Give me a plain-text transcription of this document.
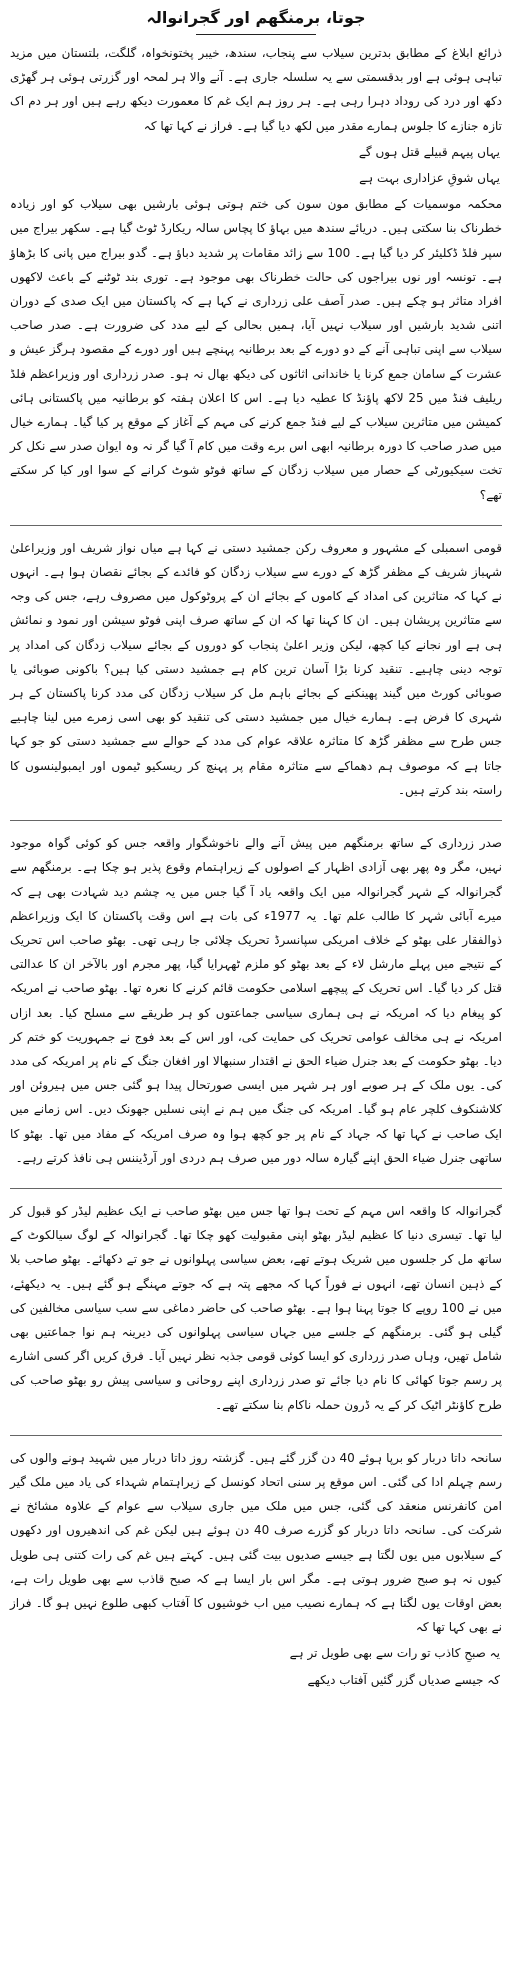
جوتا، برمنگھم اور گجرانوالہ

ذرائع ابلاغ کے مطابق بدترین سیلاب سے پنجاب، سندھ، خیبر پختونخواہ، گلگت، بلتستان میں مزید تباہی ہوئی ہے اور بدقسمتی سے یہ سلسلہ جاری ہے۔ آنے والا ہر لمحہ اور گزرتی ہوئی ہر گھڑی دکھ اور درد کی روداد دہرا رہی ہے۔ ہر روز ہم ایک غم کا معمورت دیکھ رہے ہیں اور ہر دم اک تازہ جنازے کا جلوس ہمارے مقدر میں لکھ دیا گیا ہے۔ فراز نے کہا تھا کہ

یہاں پیہم قبیلے قتل ہوں گے

یہاں شوقِ عزاداری بہت ہے

محکمہ موسمیات کے مطابق مون سون کی ختم ہوتی ہوئی بارشیں بھی سیلاب کو اور زیادہ خطرناک بنا سکتی ہیں۔ دریائے سندھ میں بہاؤ کا پچاس سالہ ریکارڈ ٹوٹ گیا ہے۔ سکھر بیراج میں سپر فلڈ ڈکلیئر کر دیا گیا ہے۔ 100 سے زائد مقامات پر شدید دباؤ ہے۔ گدو بیراج میں پانی کا بڑھاؤ ہے۔ تونسہ اور نوں بیراجوں کی حالت خطرناک بھی موجود ہے۔ توری بند ٹوٹنے کے باعث لاکھوں افراد متاثر ہو چکے ہیں۔ صدر آصف علی زرداری نے کہا ہے کہ پاکستان میں ایک صدی کے دوران اتنی شدید بارشیں اور سیلاب نہیں آیا، ہمیں بحالی کے لیے مدد کی ضرورت ہے۔ صدر صاحب سیلاب سے اپنی تباہی آنے کے دو دورے کے بعد برطانیہ پہنچے ہیں اور دورے کے مقصود ہرگز عیش و عشرت کے سامان جمع کرنا یا خاندانی اثاثوں کی دیکھ بھال نہ ہو۔ صدر زرداری اور وزیراعظم فلڈ ریلیف فنڈ میں 25 لاکھ پاؤنڈ کا عطیہ دیا ہے۔ اس کا اعلان ہفتہ کو برطانیہ میں پاکستانی ہائی کمیشن میں متاثرین سیلاب کے لیے فنڈ جمع کرنے کی مہم کے آغاز کے موقع پر کیا گیا۔ ہمارے خیال میں صدر صاحب کا دورہ برطانیہ ابھی اس برے وقت میں کام آ گیا گر نہ وہ ایوان صدر سے نکل کر تخت سیکیورٹی کے حصار میں سیلاب زدگان کے ساتھ فوٹو شوٹ کرانے کے سوا اور کیا کر سکتے تھے؟

قومی اسمبلی کے مشہور و معروف رکن جمشید دستی نے کہا ہے میاں نواز شریف اور وزیراعلیٰ شہباز شریف کے مظفر گڑھ کے دورے سے سیلاب زدگان کو فائدے کے بجائے نقصان ہوا ہے۔ انہوں نے کہا کہ متاثرین کی امداد کے کاموں کے بجائے ان کے پروٹوکول میں مصروف رہے، جس کی وجہ سے متاثرین پریشان ہیں۔ ان کا کہنا تھا کہ ان کے ساتھ صرف اپنی فوٹو سیشن اور نمود و نمائش ہی ہے اور نجانے کیا کچھ، لیکن وزیر اعلیٰ پنجاب کو دوروں کے بجائے سیلاب زدگان کی امداد پر توجہ دینی چاہیے۔ تنقید کرنا بڑا آسان ترین کام ہے جمشید دستی کیا ہیں؟ باکونی صوبائی یا صوبائی کورٹ میں گیند پھینکنے کے بجائے باہم مل کر سیلاب زدگان کی مدد کرنا پاکستان کے ہر شہری کا فرض ہے۔ ہمارے خیال میں جمشید دستی کی تنقید کو بھی اسی زمرے میں لینا چاہیے جس طرح سے مظفر گڑھ کا متاثرہ علاقہ عوام کی مدد کے حوالے سے جمشید دستی کو جو کہا جاتا ہے کہ موصوف ہم دھماکے سے متاثرہ مقام پر پہنچ کر ریسکیو ٹیموں اور ایمبولینسوں کا راستہ بند کرتے ہیں۔

صدر زرداری کے ساتھ برمنگھم میں پیش آنے والے ناخوشگوار واقعہ جس کو کوئی گواہ موجود نہیں، مگر وہ پھر بھی آزادی اظہار کے اصولوں کے زیراہتمام وقوع پذیر ہو چکا ہے۔ برمنگھم سے گجرانوالہ کے شہر گجرانوالہ میں ایک واقعہ یاد آ گیا جس میں یہ چشم دید شہادت بھی ہے کہ میرے آبائی شہر کا طالب علم تھا۔ یہ 1977ء کی بات ہے اس وقت پاکستان کا ایک وزیراعظم ذوالفقار علی بھٹو کے خلاف امریکی سپانسرڈ تحریک چلائی جا رہی تھی۔ بھٹو صاحب اس تحریک کے نتیجے میں پہلے مارشل لاء کے بعد بھٹو کو ملزم ٹھہرایا گیا، پھر مجرم اور بالآخر ان کا عدالتی قتل کر دیا گیا۔ اس تحریک کے پیچھے اسلامی حکومت قائم کرنے کا نعرہ تھا۔ بھٹو صاحب نے امریکہ کو پیغام دیا کہ امریکہ نے ہی ہماری سیاسی جماعتوں کو ہر طریقے سے مسلح کیا۔ بعد ازاں امریکہ نے ہی مخالف عوامی تحریک کی حمایت کی، اور اس کے بعد فوج نے جمہوریت کو ختم کر دیا۔ بھٹو حکومت کے بعد جنرل ضیاء الحق نے اقتدار سنبھالا اور افغان جنگ کے نام پر امریکہ کی مدد کی۔ یوں ملک کے ہر صوبے اور ہر شہر میں ایسی صورتحال پیدا ہو گئی جس میں ہیروئن اور کلاشنکوف کلچر عام ہو گیا۔ امریکہ کی جنگ میں ہم نے اپنی نسلیں جھونک دیں۔ اس زمانے میں ایک صاحب نے کہا تھا کہ جہاد کے نام پر جو کچھ ہوا وہ صرف امریکہ کے مفاد میں تھا۔ بھٹو کا ساتھی جنرل ضیاء الحق اپنے گیارہ سالہ دور میں صرف ہم دردی اور آرڈیننس ہی نافذ کرتے رہے۔

گجرانوالہ کا واقعہ اس مہم کے تحت ہوا تھا جس میں بھٹو صاحب نے ایک عظیم لیڈر کو قبول کر لیا تھا۔ تیسری دنیا کا عظیم لیڈر بھٹو اپنی مقبولیت کھو چکا تھا۔ گجرانوالہ کے لوگ سیالکوٹ کے ساتھ مل کر جلسوں میں شریک ہوتے تھے، بعض سیاسی پہلوانوں نے جو تے دکھائے۔ بھٹو صاحب بلا کے ذہین انسان تھے، انہوں نے فوراً کہا کہ مجھے پتہ ہے کہ جوتے مہنگے ہو گئے ہیں۔ یہ دیکھئے، میں نے 100 روپے کا جوتا پہنا ہوا ہے۔ بھٹو صاحب کی حاضر دماغی سے سب سیاسی مخالفین کی گیلی ہو گئی۔ برمنگھم کے جلسے میں جہاں سیاسی پہلوانوں کی دیرینہ ہم نوا جماعتیں بھی شامل تھیں، وہاں صدر زرداری کو ایسا کوئی قومی جذبہ نظر نہیں آیا۔ فرق کریں اگر کسی اشارے پر رسم جوتا کھائی کا نام دیا جائے تو صدر زرداری اپنے روحانی و سیاسی پیش رو بھٹو صاحب کی طرح کاؤنٹر اٹیک کر کے یہ ڈرون حملہ ناکام بنا سکتے تھے۔

سانحہ داتا دربار کو برپا ہوئے 40 دن گزر گئے ہیں۔ گزشتہ روز داتا دربار میں شہید ہونے والوں کی رسم چہلم ادا کی گئی۔ اس موقع پر سنی اتحاد کونسل کے زیراہتمام شہداء کی یاد میں ملک گیر امن کانفرنس منعقد کی گئی، جس میں ملک میں جاری سیلاب سے عوام کے علاوہ مشائخ نے شرکت کی۔ سانحہ داتا دربار کو گزرے صرف 40 دن ہوئے ہیں لیکن غم کی اندھیروں اور دکھوں کے سیلابوں میں یوں لگتا ہے جیسے صدیوں بیت گئی ہیں۔ کہتے ہیں غم کی رات کتنی ہی طویل کیوں نہ ہو صبح ضرور ہوتی ہے۔ مگر اس بار ایسا ہے کہ صبح قاذب سے بھی طویل رات ہے، بعض اوقات یوں لگتا ہے کہ ہمارے نصیب میں اب خوشیوں کا آفتاب کبھی طلوع نہیں ہو گا۔ فراز نے بھی کہا تھا کہ

یہ صبحِ کاذب تو رات سے بھی طویل تر ہے

کہ جیسے صدیاں گزر گئیں آفتاب دیکھے
